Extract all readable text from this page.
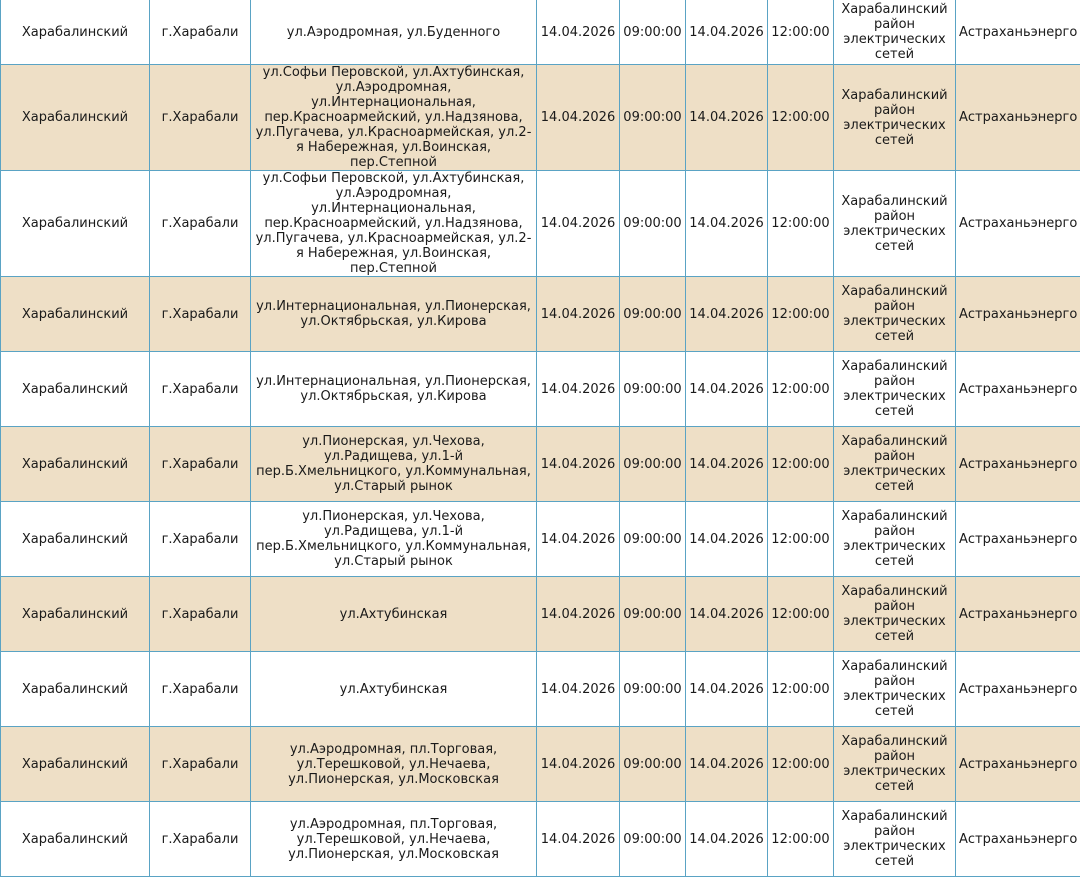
Харабалинский	г.Харабали	ул.Аэродромная, ул.Буденного	14.04.2026	09:00:00	14.04.2026	12:00:00	Харабалинский район электрических сетей	Астраханьэнерго
Харабалинский	г.Харабали	ул.Софьи Перовской, ул.Ахтубинская, ул.Аэродромная, ул.Интернациональная, пер.Красноармейский, ул.Надзянова, ул.Пугачева, ул.Красноармейская, ул.2-я Набережная, ул.Воинская, пер.Степной	14.04.2026	09:00:00	14.04.2026	12:00:00	Харабалинский район электрических сетей	Астраханьэнерго
Харабалинский	г.Харабали	ул.Софьи Перовской, ул.Ахтубинская, ул.Аэродромная, ул.Интернациональная, пер.Красноармейский, ул.Надзянова, ул.Пугачева, ул.Красноармейская, ул.2-я Набережная, ул.Воинская, пер.Степной	14.04.2026	09:00:00	14.04.2026	12:00:00	Харабалинский район электрических сетей	Астраханьэнерго
Харабалинский	г.Харабали	ул.Интернациональная, ул.Пионерская, ул.Октябрьская, ул.Кирова	14.04.2026	09:00:00	14.04.2026	12:00:00	Харабалинский район электрических сетей	Астраханьэнерго
Харабалинский	г.Харабали	ул.Интернациональная, ул.Пионерская, ул.Октябрьская, ул.Кирова	14.04.2026	09:00:00	14.04.2026	12:00:00	Харабалинский район электрических сетей	Астраханьэнерго
Харабалинский	г.Харабали	ул.Пионерская, ул.Чехова, ул.Радищева, ул.1-й пер.Б.Хмельницкого, ул.Коммунальная, ул.Старый рынок	14.04.2026	09:00:00	14.04.2026	12:00:00	Харабалинский район электрических сетей	Астраханьэнерго
Харабалинский	г.Харабали	ул.Пионерская, ул.Чехова, ул.Радищева, ул.1-й пер.Б.Хмельницкого, ул.Коммунальная, ул.Старый рынок	14.04.2026	09:00:00	14.04.2026	12:00:00	Харабалинский район электрических сетей	Астраханьэнерго
Харабалинский	г.Харабали	ул.Ахтубинская	14.04.2026	09:00:00	14.04.2026	12:00:00	Харабалинский район электрических сетей	Астраханьэнерго
Харабалинский	г.Харабали	ул.Ахтубинская	14.04.2026	09:00:00	14.04.2026	12:00:00	Харабалинский район электрических сетей	Астраханьэнерго
Харабалинский	г.Харабали	ул.Аэродромная, пл.Торговая, ул.Терешковой, ул.Нечаева, ул.Пионерская, ул.Московская	14.04.2026	09:00:00	14.04.2026	12:00:00	Харабалинский район электрических сетей	Астраханьэнерго
Харабалинский	г.Харабали	ул.Аэродромная, пл.Торговая, ул.Терешковой, ул.Нечаева, ул.Пионерская, ул.Московская	14.04.2026	09:00:00	14.04.2026	12:00:00	Харабалинский район электрических сетей	Астраханьэнерго
